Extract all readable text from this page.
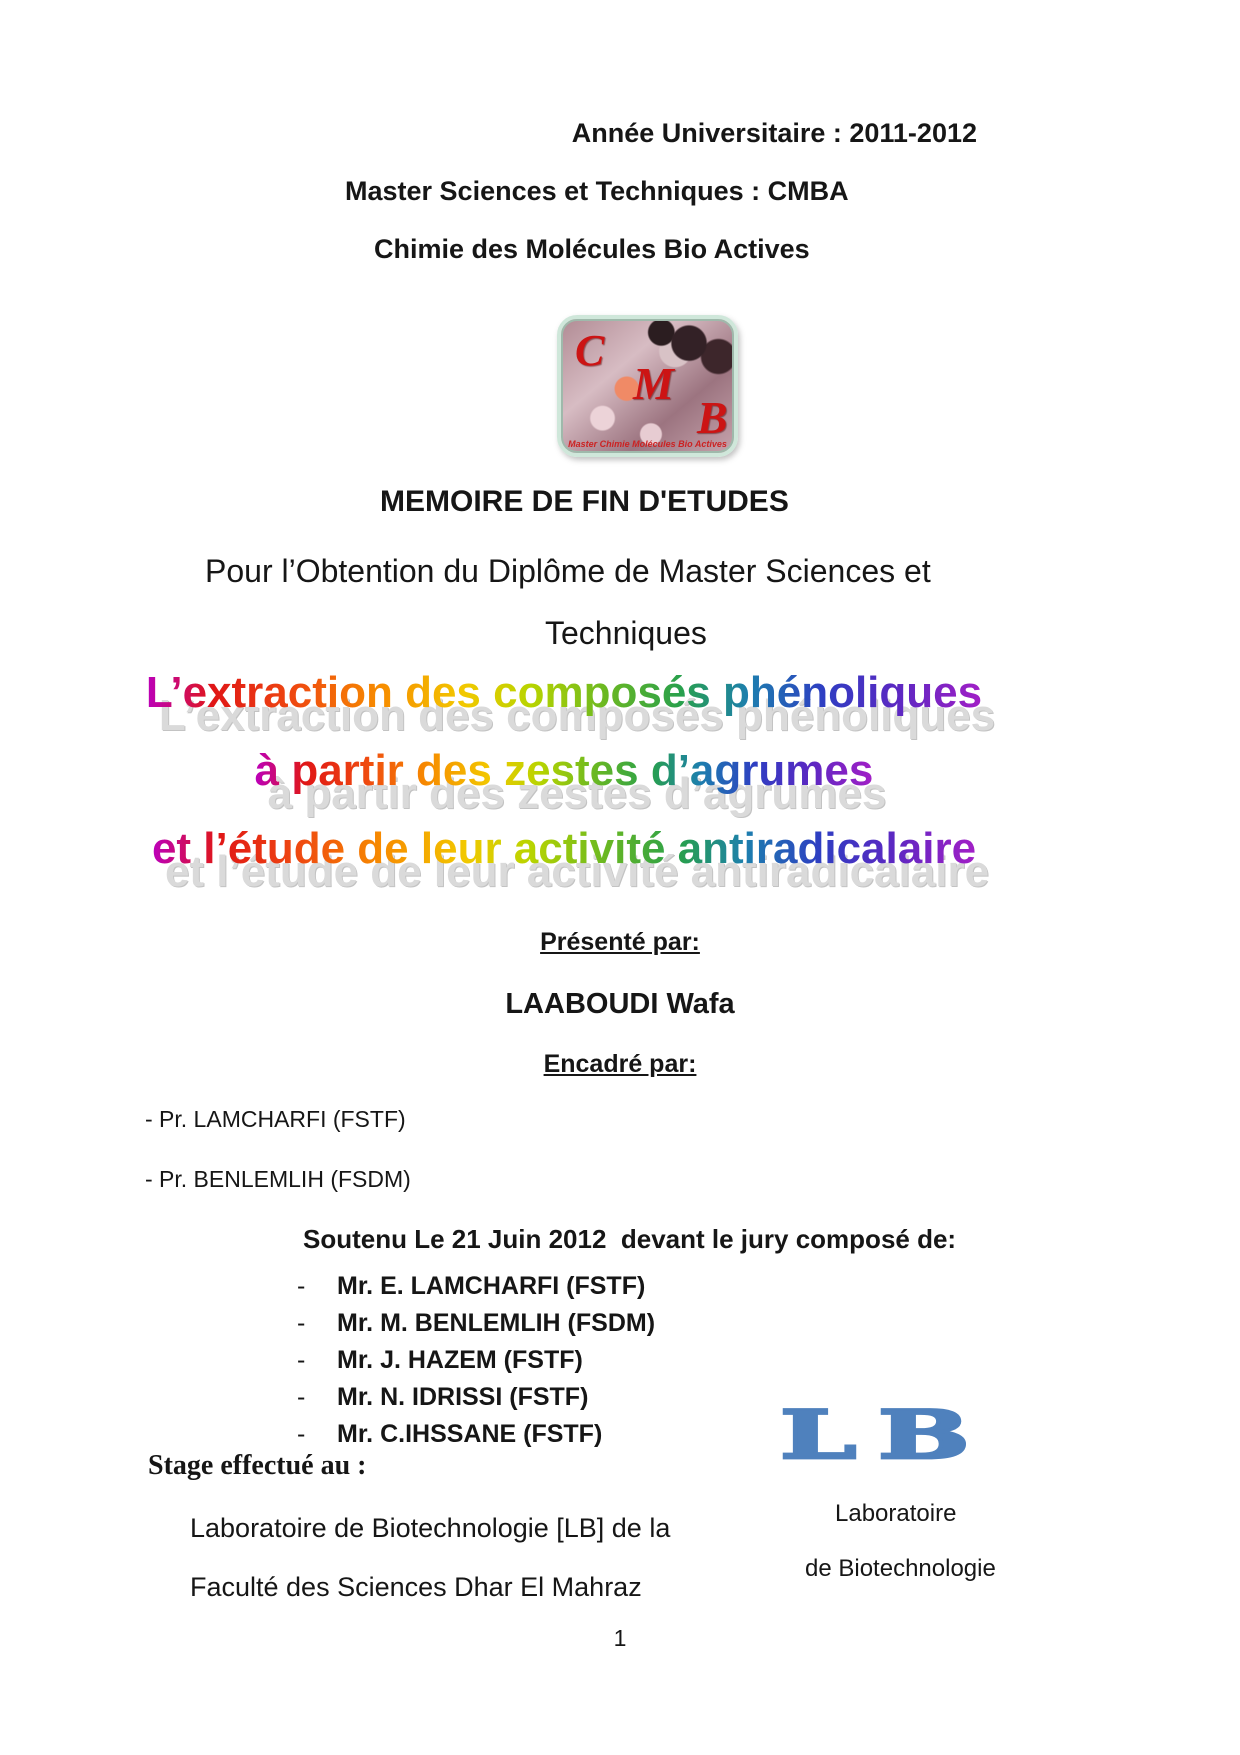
Année Universitaire : 2011-2012
Master Sciences et Techniques : CMBA
Chimie des Molécules Bio Actives
C
M
B
Master Chimie Molécules Bio Actives
MEMOIRE DE FIN D'ETUDES
Pour l’Obtention du Diplôme de Master Sciences et
Techniques
L’extraction des composés phénoliques
L’extraction des composés phénoliques
à partir des zestes d’agrumes
à partir des zestes d’agrumes
et l’étude de leur activité antiradicalaire
et l’étude de leur activité antiradicalaire
Présenté par:
LAABOUDI Wafa
Encadré par:
- Pr. LAMCHARFI (FSTF)
- Pr. BENLEMLIH (FSDM)
Soutenu Le 21 Juin 2012  devant le jury composé de:
-	Mr. E. LAMCHARFI (FSTF)
-	Mr. M. BENLEMLIH (FSDM)
-	Mr. J. HAZEM (FSTF)
-	Mr. N. IDRISSI (FSTF)
-	Mr. C.IHSSANE (FSTF)
Stage effectué au :
Laboratoire de Biotechnologie [LB] de la
Faculté des Sciences Dhar El Mahraz
LB
Laboratoire
de Biotechnologie
1
